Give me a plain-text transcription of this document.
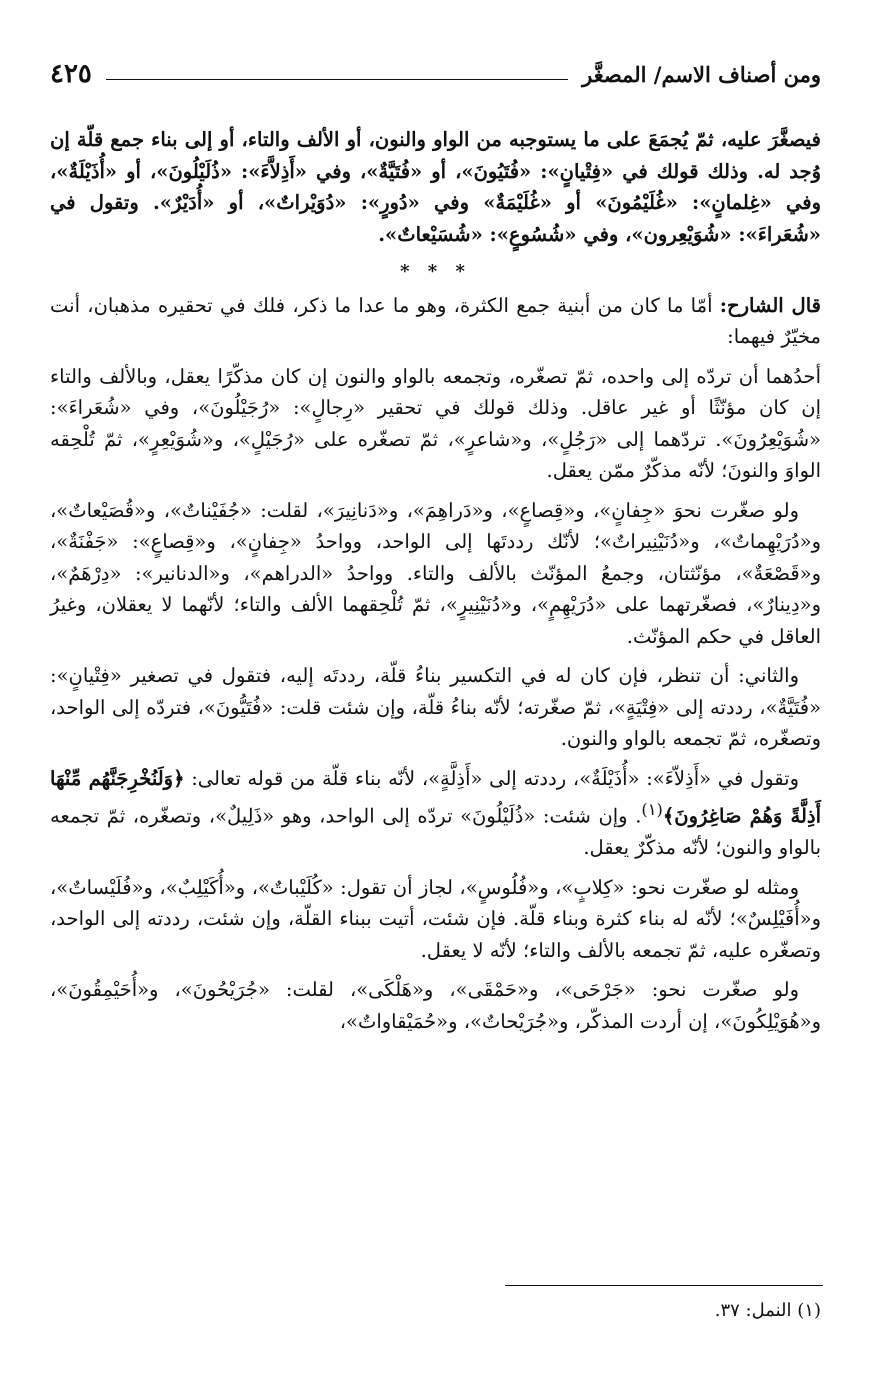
ومن أصناف الاسم/ المصغَّر
٤٢٥

فيصغَّرَ عليه، ثمّ يُجمَعَ على ما يستوجبه من الواو والنون، أو الألف والتاء، أو إلى بناء جمع قلّة إن وُجد له. وذلك قولك في «فِتْيانٍ»: «فُتَيُونَ»، أو «فُتَيَّةٌ»، وفي «أَذِلاَّءَ»: «ذُلَيْلُونَ»، أو «أُذَيْلَةٌ»، وفي «غِلمانٍ»: «غُلَيْمُونَ» أو «غُلَيْمَةٌ» وفي «دُورٍ»: «دُوَيْراتٌ»، أو «أُدَيْرٌ». وتقول في «شُعَراءَ»: «شُوَيْعِرون»، وفي «شُسُوعٍ»: «شُسَيْعاتٌ».

* * *

قال الشارح: أمّا ما كان من أبنية جمع الكثرة، وهو ما عدا ما ذكر، فلك في تحقيره مذهبان، أنت مخيّرٌ فيهما:

أحدُهما أن تردّه إلى واحده، ثمّ تصغّره، وتجمعه بالواو والنون إن كان مذكّرًا يعقل، وبالألف والتاء إن كان مؤنّثًا أو غير عاقل. وذلك قولك في تحقير «رِجالٍ»: «رُجَيْلُونَ»، وفي «شُعَراءَ»: «شُوَيْعِرُونَ». تردّهما إلى «رَجُلٍ»، و«شاعرٍ»، ثمّ تصغّره على «رُجَيْلٍ»، و«شُوَيْعِرٍ»، ثمّ تُلْحِقه الواوَ والنونَ؛ لأنّه مذكّرٌ ممّن يعقل.

ولو صغّرت نحوَ «جِفانٍ»، و«قِصاعٍ»، و«دَراهِمَ»، و«دَنانِيرَ»، لقلت: «جُفَيْناتٌ»، و«قُصَيْعاتٌ»، و«دُرَيْهِماتٌ»، و«دُنَيْنِيراتٌ»؛ لأنّك رددتَها إلى الواحد، وواحدُ «جِفانٍ»، و«قِصاعٍ»: «جَفْنَةٌ»، و«قَصْعَةٌ»، مؤنّثتان، وجمعُ المؤنّث بالألف والتاء. وواحدُ «الدراهم»، و«الدنانير»: «دِرْهَمٌ»، و«دِينارٌ»، فصغّرتهما على «دُرَيْهِمٍ»، و«دُنَيْنِيرٍ»، ثمّ تُلْحِقهما الألف والتاء؛ لأنّهما لا يعقلان، وغيرُ العاقل في حكم المؤنّث.

والثاني: أن تنظر، فإن كان له في التكسير بناءُ قلّة، رددتَه إليه، فتقول في تصغير «فِتْيانٍ»: «فُتَيَّةٌ»، رددته إلى «فِتْيَةٍ»، ثمّ صغّرته؛ لأنّه بناءُ قلّة، وإن شئت قلت: «فُتَيُّونَ»، فتردّه إلى الواحد، وتصغّره، ثمّ تجمعه بالواو والنون.

وتقول في «أَذِلاّءَ»: «أُذَيْلَةٌ»، رددته إلى «أَذِلَّةٍ»، لأنّه بناء قلّة من قوله تعالى: ﴿وَلَنُخْرِجَنَّهُم مِّنْهَا أَذِلَّةً وَهُمْ صَاغِرُونَ﴾$^{(١)}$. وإن شئت: «ذُلَيْلُونَ» تردّه إلى الواحد، وهو «ذَلِيلٌ»، وتصغّره، ثمّ تجمعه بالواو والنون؛ لأنّه مذكّرٌ يعقل.

ومثله لو صغّرت نحو: «كِلابٍ»، و«فُلُوسٍ»، لجاز أن تقول: «كُلَيْباتٌ»، و«أُكَيْلِبٌ»، و«فُلَيْساتٌ»، و«أُفَيْلِسٌ»؛ لأنّه له بناء كثرة وبناء قلّة. فإن شئت، أتيت ببناء القلّة، وإن شئت، رددته إلى الواحد، وتصغّره عليه، ثمّ تجمعه بالألف والتاء؛ لأنّه لا يعقل.

ولو صغّرت نحو: «جَرْحَى»، و«حَمْقَى»، و«هَلْكَى»، لقلت: «جُرَيْحُونَ»، و«أُحَيْمِقُونَ»، و«هُوَيْلِكُونَ»، إن أردت المذكّر، و«جُرَيْحاتٌ»، و«حُمَيْقاواتٌ»،

(١) النمل: ٣٧.
